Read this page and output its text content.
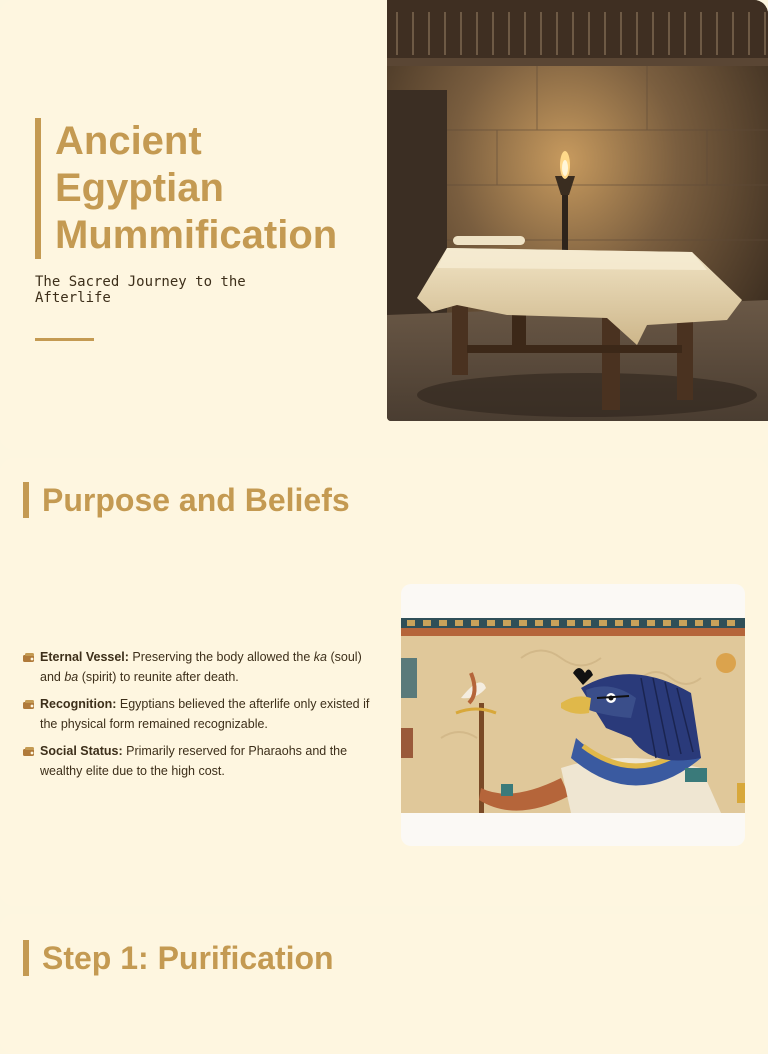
Ancient
Egyptian
Mummification

The Sacred Journey to the Afterlife

Purpose and Beliefs
Eternal Vessel: Preserving the body allowed the ka (soul) and ba (spirit) to reunite after death.
Recognition: Egyptians believed the afterlife only existed if the physical form remained recognizable.
Social Status: Primarily reserved for Pharaohs and the wealthy elite due to the high cost.
Step 1: Purification
